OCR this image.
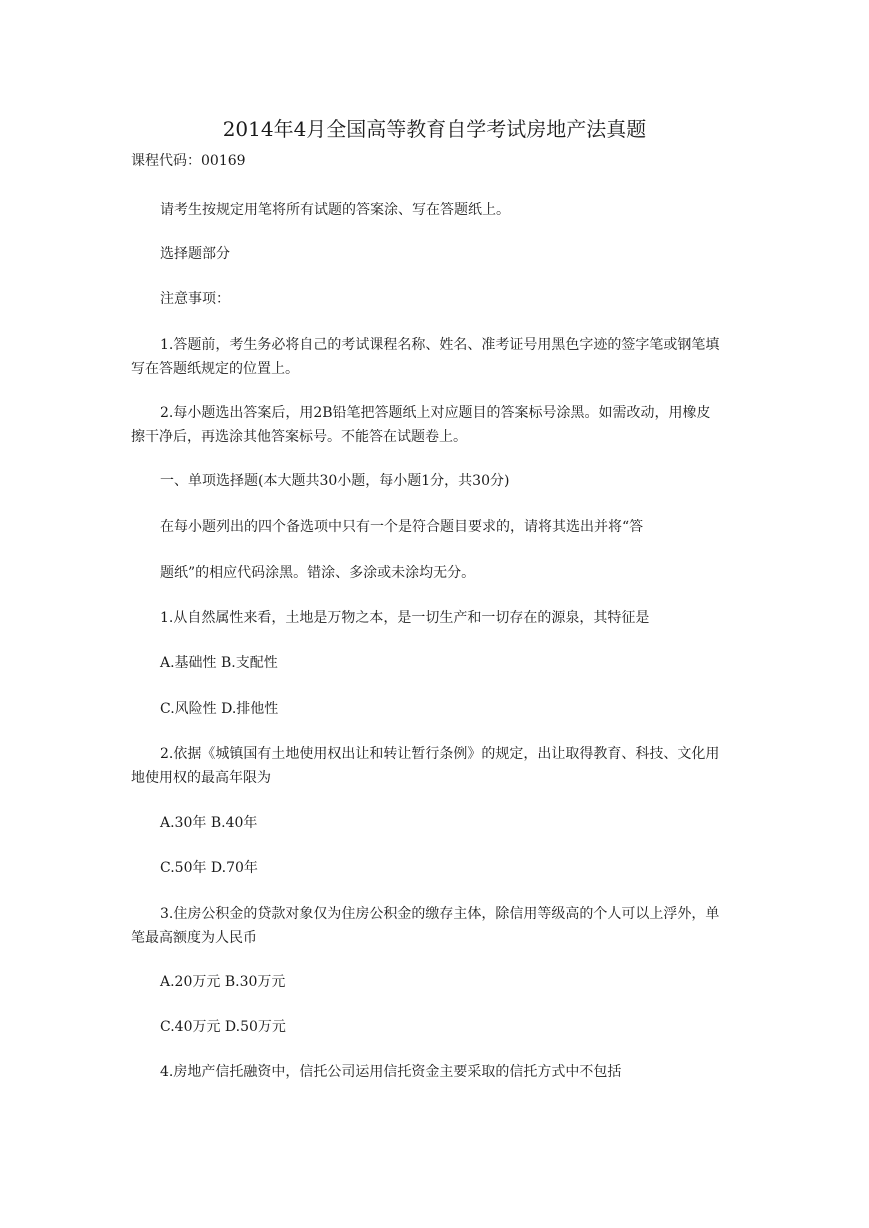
2014年4月全国高等教育自学考试房地产法真题
课程代码：00169
请考生按规定用笔将所有试题的答案涂、写在答题纸上。
选择题部分
注意事项：
1.答题前，考生务必将自己的考试课程名称、姓名、准考证号用黑色字迹的签字笔或钢笔填写在答题纸规定的位置上。
2.每小题选出答案后，用2B铅笔把答题纸上对应题目的答案标号涂黑。如需改动，用橡皮擦干净后，再选涂其他答案标号。不能答在试题卷上。
一、单项选择题(本大题共30小题，每小题1分，共30分)
在每小题列出的四个备选项中只有一个是符合题目要求的，请将其选出并将“答
题纸”的相应代码涂黑。错涂、多涂或未涂均无分。
1.从自然属性来看，土地是万物之本，是一切生产和一切存在的源泉，其特征是
A.基础性 B.支配性
C.风险性 D.排他性
2.依据《城镇国有土地使用权出让和转让暂行条例》的规定，出让取得教育、科技、文化用地使用权的最高年限为
A.30年 B.40年
C.50年 D.70年
3.住房公积金的贷款对象仅为住房公积金的缴存主体，除信用等级高的个人可以上浮外，单笔最高额度为人民币
A.20万元 B.30万元
C.40万元 D.50万元
4.房地产信托融资中，信托公司运用信托资金主要采取的信托方式中不包括
